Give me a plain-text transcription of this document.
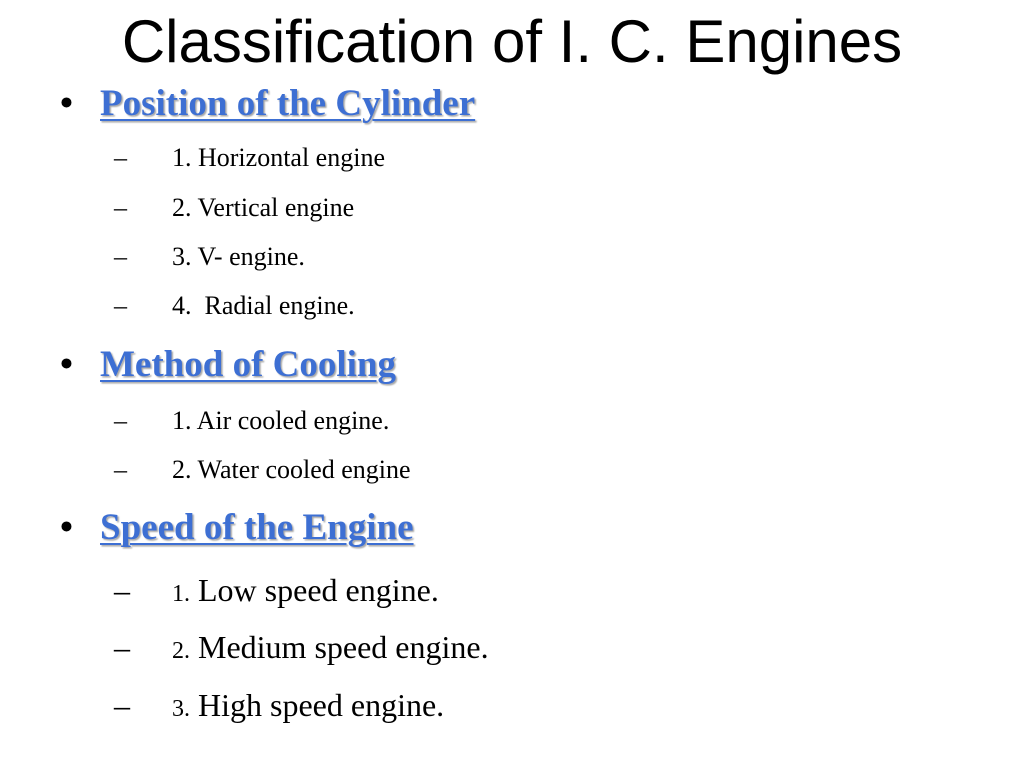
Classification of I. C. Engines
• Position of the Cylinder
– 1. Horizontal engine
– 2. Vertical engine
– 3. V- engine.
– 4.  Radial engine.
• Method of Cooling
– 1. Air cooled engine.
– 2. Water cooled engine
• Speed of the Engine
– 1. Low speed engine.
– 2. Medium speed engine.
– 3. High speed engine.
